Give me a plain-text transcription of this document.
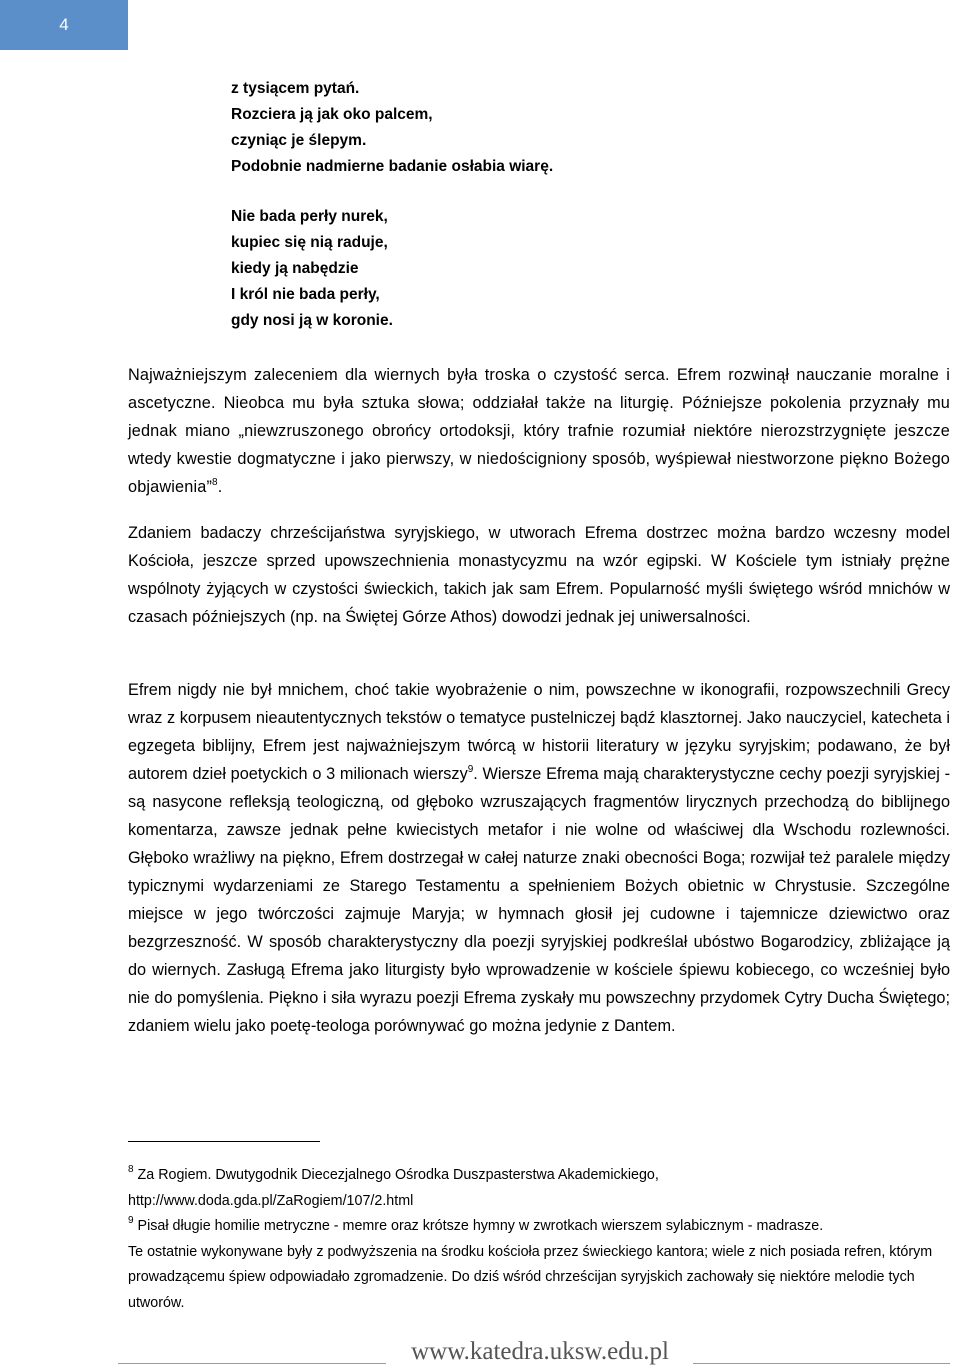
4
z tysiącem pytań.
Rozciera ją jak oko palcem,
czyniąc je ślepym.
Podobnie nadmierne badanie osłabia wiarę.
Nie bada perły nurek,
kupiec się nią raduje,
kiedy ją nabędzie
I król nie bada perły,
gdy nosi ją w koronie.

Najważniejszym zaleceniem dla wiernych była troska o czystość serca. Efrem rozwinął nauczanie moralne i ascetyczne. Nieobca mu była sztuka słowa; oddziałał także na liturgię. Późniejsze pokolenia przyznały mu jednak miano „niewzruszonego obrońcy ortodoksji, który trafnie rozumiał niektóre nierozstrzygnięte jeszcze wtedy kwestie dogmatyczne i jako pierwszy, w niedościgniony sposób, wyśpiewał niestworzone piękno Bożego objawienia”$^8$.

Zdaniem badaczy chrześcijaństwa syryjskiego, w utworach Efrema dostrzec można bardzo wczesny model Kościoła, jeszcze sprzed upowszechnienia monastycyzmu na wzór egipski. W Kościele tym istniały prężne wspólnoty żyjących w czystości świeckich, takich jak sam Efrem. Popularność myśli świętego wśród mnichów w czasach późniejszych (np. na Świętej Górze Athos) dowodzi jednak jej uniwersalności.

Efrem nigdy nie był mnichem, choć takie wyobrażenie o nim, powszechne w ikonografii, rozpowszechnili Grecy wraz z korpusem nieautentycznych tekstów o tematyce pustelniczej bądź klasztornej. Jako nauczyciel, katecheta i egzegeta biblijny, Efrem jest najważniejszym twórcą w historii literatury w języku syryjskim; podawano, że był autorem dzieł poetyckich o 3 milionach wierszy$^9$. Wiersze Efrema mają charakterystyczne cechy poezji syryjskiej - są nasycone refleksją teologiczną, od głęboko wzruszających fragmentów lirycznych przechodzą do biblijnego komentarza, zawsze jednak pełne kwiecistych metafor i nie wolne od właściwej dla Wschodu rozlewności. Głęboko wrażliwy na piękno, Efrem dostrzegał w całej naturze znaki obecności Boga; rozwijał też paralele między typicznymi wydarzeniami ze Starego Testamentu a spełnieniem Bożych obietnic w Chrystusie. Szczególne miejsce w jego twórczości zajmuje Maryja; w hymnach głosił jej cudowne i tajemnicze dziewictwo oraz bezgrzeszność. W sposób charakterystyczny dla poezji syryjskiej podkreślał ubóstwo Bogarodzicy, zbliżające ją do wiernych. Zasługą Efrema jako liturgisty było wprowadzenie w kościele śpiewu kobiecego, co wcześniej było nie do pomyślenia. Piękno i siła wyrazu poezji Efrema zyskały mu powszechny przydomek Cytry Ducha Świętego; zdaniem wielu jako poetę-teologa porównywać go można jedynie z Dantem.

$^8$ Za Rogiem. Dwutygodnik Diecezjalnego Ośrodka Duszpasterstwa Akademickiego,
http://www.doda.gda.pl/ZaRogiem/107/2.html
$^9$ Pisał długie homilie metryczne - memre oraz krótsze hymny w zwrotkach wierszem sylabicznym - madrasze.
Te ostatnie wykonywane były z podwyższenia na środku kościoła przez świeckiego kantora; wiele z nich posiada refren, którym prowadzącemu śpiew odpowiadało zgromadzenie. Do dziś wśród chrześcijan syryjskich zachowały się niektóre melodie tych utworów.
www.katedra.uksw.edu.pl
